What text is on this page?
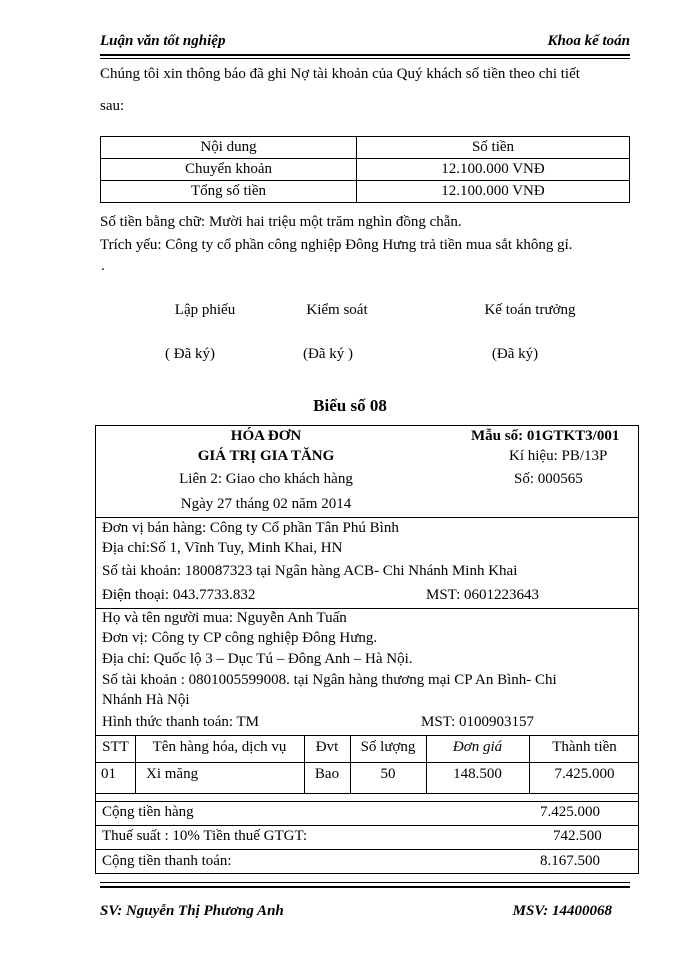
Luận văn tốt nghiệp	Khoa kế toán
Chúng tôi xin thông báo đã ghi Nợ tài khoản của Quý khách số tiền theo chi tiết
sau:
Nội dung	Số tiền
Chuyển khoản	12.100.000 VNĐ
Tổng số tiền	12.100.000 VNĐ
Số tiền bằng chữ: Mười hai triệu một trăm nghìn đồng chẵn.
Trích yếu: Công ty cổ phần công nghiệp Đông Hưng trả tiền mua sắt không gỉ.
.
Lập phiếu	Kiểm soát	Kế toán trưởng
( Đã ký)	(Đã ký )	(Đã ký)
Biểu số 08
HÓA ĐƠN
GIÁ TRỊ GIA TĂNG
Liên 2: Giao cho khách hàng
Ngày 27 tháng 02 năm 2014
Mẫu số: 01GTKT3/001
Kí hiệu: PB/13P
Số: 000565
Đơn vị bán hàng: Công ty Cổ phần Tân Phú Bình
Địa chỉ:Số 1, Vĩnh Tuy, Minh Khai, HN
Số tài khoản: 180087323 tại Ngân hàng ACB- Chi Nhánh Minh Khai
Điện thoại: 043.7733.832	MST: 0601223643
Họ và tên người mua: Nguyễn Anh Tuấn
Đơn vị: Công ty CP công nghiệp Đông Hưng.
Địa chỉ: Quốc lộ 3 – Dục Tú – Đông Anh – Hà Nội.
Số tài khoản : 0801005599008. tại Ngân hàng thương mại CP An Bình- Chi
Nhánh Hà Nội
Hình thức thanh toán: TM	MST: 0100903157
STT	Tên hàng hóa, dịch vụ	Đvt	Số lượng	Đơn giá	Thành tiền
01 Xi măng	Bao	50	148.500	7.425.000
Cộng tiền hàng	7.425.000
Thuế suất : 10% Tiền thuế GTGT:	742.500
Cộng tiền thanh toán:	8.167.500
SV: Nguyễn Thị Phương Anh	MSV: 14400068
